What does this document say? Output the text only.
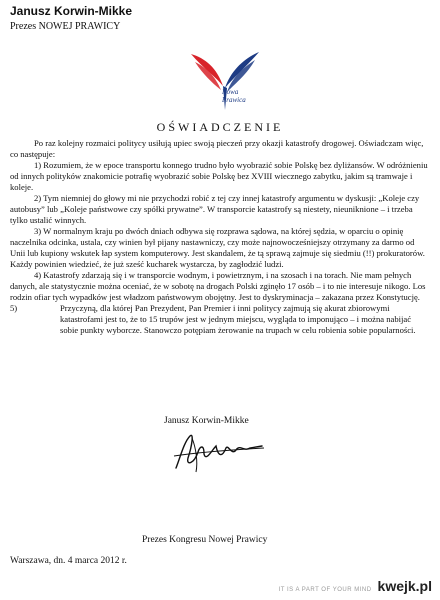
Janusz Korwin-Mikke
Prezes NOWEJ PRAWICY
Nowa
Prawica
OŚWIADCZENIE

Po raz kolejny rozmaici politycy usiłują upiec swoją pieczeń przy okazji katastrofy drogowej. Oświadczam więc, co następuje:

1) Rozumiem, że w epoce transportu konnego trudno było wyobrazić sobie Polskę bez dyliżansów. W odróżnieniu od innych polityków znakomicie potrafię wyobrazić sobie Polskę bez XVIII wiecznego zabytku, jakim są tramwaje i koleje.

2) Tym niemniej do głowy mi nie przychodzi robić z tej czy innej katastrofy argumentu w dyskusji: „Koleje czy autobusy” lub „Koleje państwowe czy spółki prywatne”. W transporcie katastrofy są niestety, nieuniknione – i trzeba tylko ustalić winnych.

3) W normalnym kraju po dwóch dniach odbywa się rozprawa sądowa, na której sędzia, w oparciu o opinię naczelnika odcinka, ustala, czy winien był pijany nastawniczy, czy może najnowocześniejszy otrzymany za darmo od Unii lub kupiony wskutek łap system komputerowy. Jest skandalem, że tą sprawą zajmuje się siedmiu (!!) prokuratorów. Każdy powinien wiedzieć, że już sześć kucharek wystarcza, by zagłodzić ludzi.

4) Katastrofy zdarzają się i w transporcie wodnym, i powietrznym, i na szosach i na torach. Nie mam pełnych danych, ale statystycznie można oceniać, że w sobotę na drogach Polski zginęło 17 osób – i to nie interesuje nikogo. Los rodzin ofiar tych wypadków jest władzom państwowym obojętny. Jest to dyskryminacja – zakazana przez Konstytucję.

5)	Przyczyną, dla której Pan Prezydent, Pan Premier i inni politycy zajmują się akurat zbiorowymi katastrofami jest to, że to 15 trupów jest w jednym miejscu, wygląda to imponująco – i można nabijać sobie punkty wyborcze. Stanowczo potępiam żerowanie na trupach w celu robienia sobie popularności.
Janusz Korwin-Mikke
Prezes Kongresu Nowej Prawicy
Warszawa, dn. 4 marca 2012 r.
IT IS A PART OF YOUR MIND kwejk.pl
